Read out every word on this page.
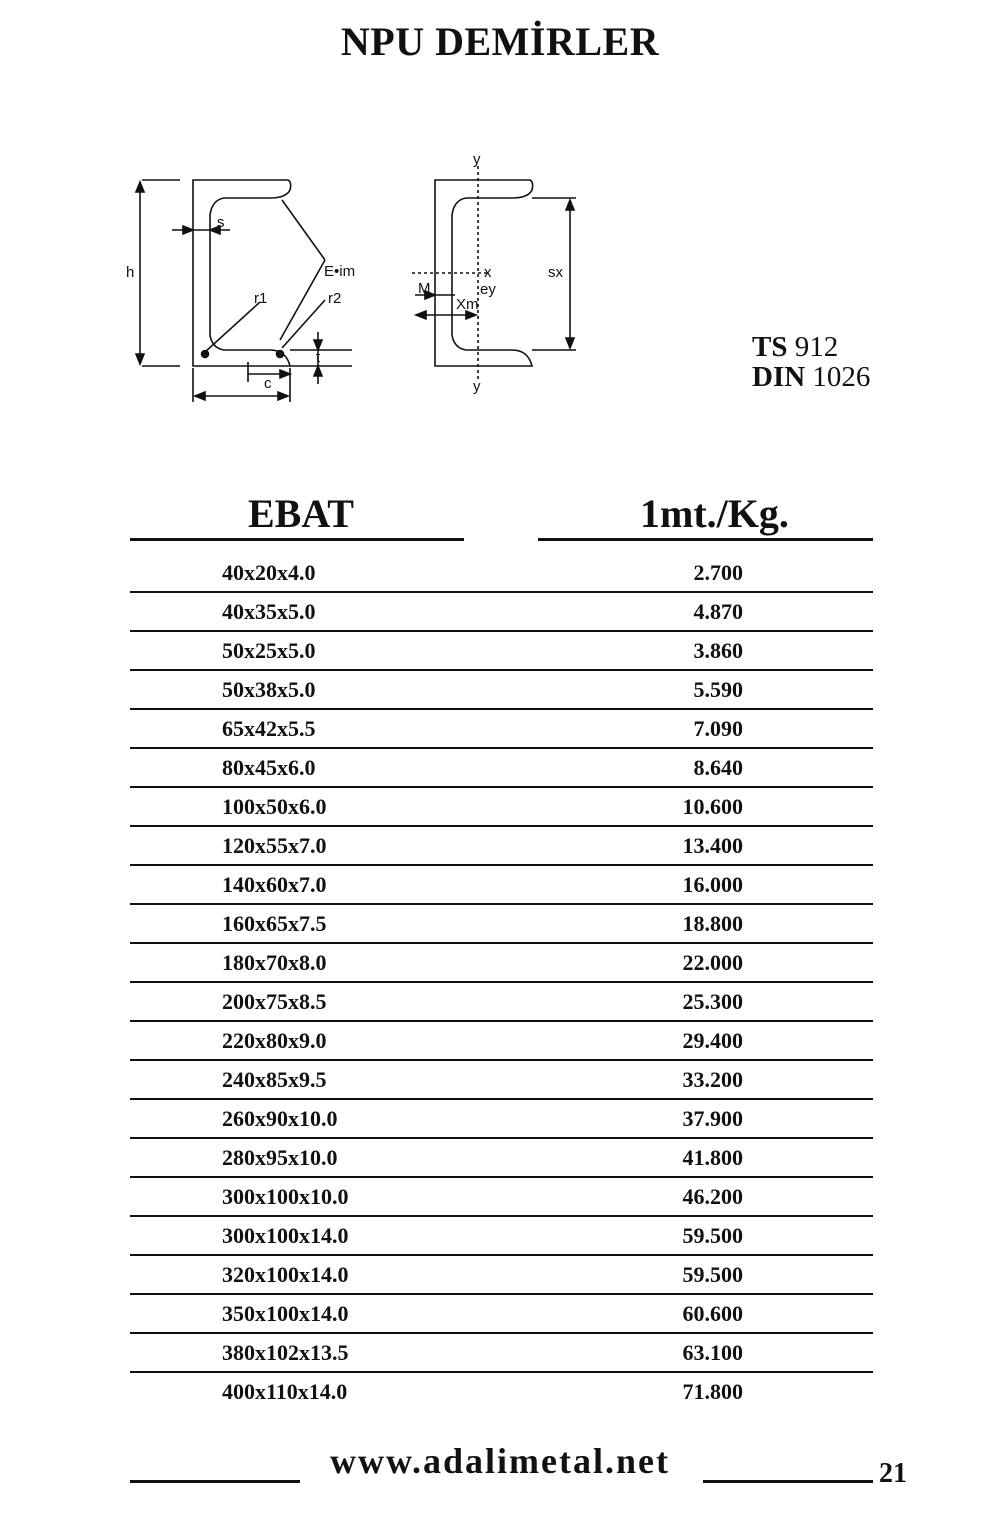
NPU DEMİRLER
s
h	E•im
r1	r2
t
c
y
y
x
ey
M
Xm
sx
TS 912
DIN 1026
EBAT	1mt./Kg.
40x20x4.0	2.700
40x35x5.0	4.870
50x25x5.0	3.860
50x38x5.0	5.590
65x42x5.5	7.090
80x45x6.0	8.640
100x50x6.0	10.600
120x55x7.0	13.400
140x60x7.0	16.000
160x65x7.5	18.800
180x70x8.0	22.000
200x75x8.5	25.300
220x80x9.0	29.400
240x85x9.5	33.200
260x90x10.0	37.900
280x95x10.0	41.800
300x100x10.0	46.200
300x100x14.0	59.500
320x100x14.0	59.500
350x100x14.0	60.600
380x102x13.5	63.100
400x110x14.0	71.800
www.adalimetal.net	21
